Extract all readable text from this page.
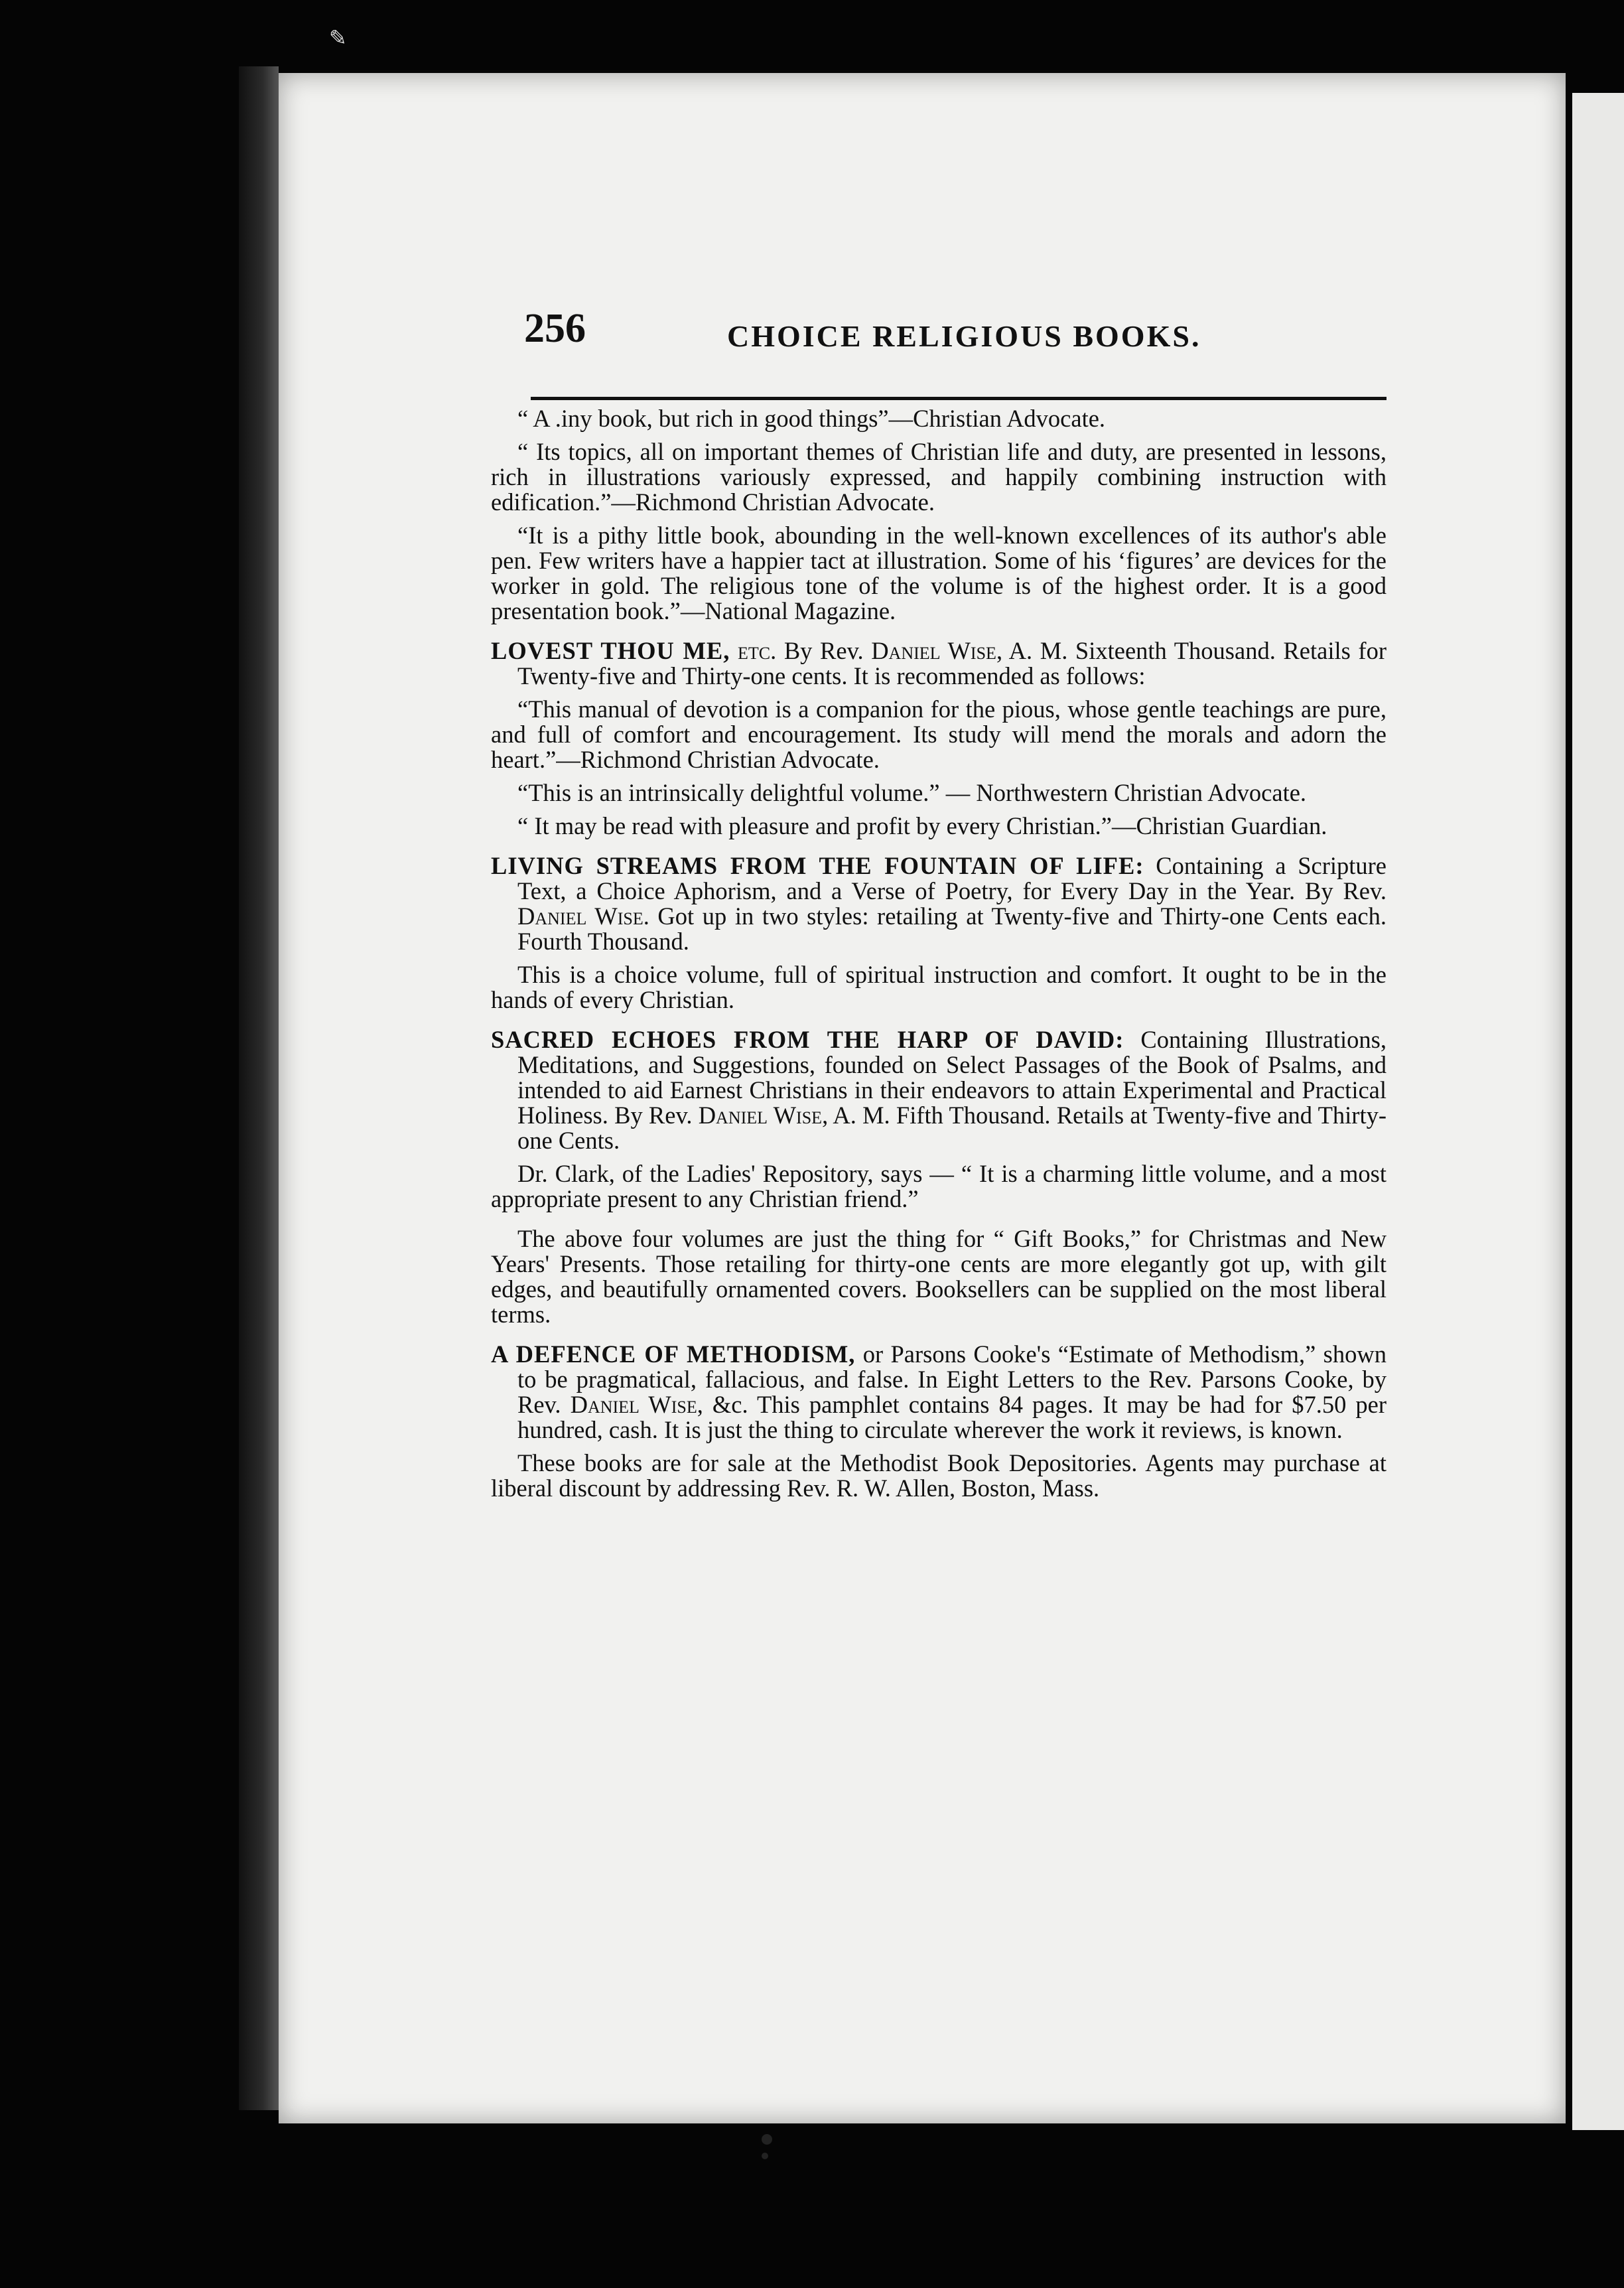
✎
256	CHOICE RELIGIOUS BOOKS.

“ A .iny book, but rich in good things”—Christian Advocate.

“ Its topics, all on important themes of Christian life and duty, are presented in lessons, rich in illustrations variously expressed, and happily combining instruction with edification.”—Richmond Christian Advocate.

“It is a pithy little book, abounding in the well-known excellences of its author's able pen. Few writers have a happier tact at illustration. Some of his ‘figures’ are devices for the worker in gold. The religious tone of the volume is of the highest order. It is a good presentation book.”—National Magazine.

LOVEST THOU ME, etc. By Rev. Daniel Wise, A. M. Sixteenth Thousand. Retails for Twenty-five and Thirty-one cents. It is recommended as follows:

“This manual of devotion is a companion for the pious, whose gentle teachings are pure, and full of comfort and encouragement. Its study will mend the morals and adorn the heart.”—Richmond Christian Advocate.

“This is an intrinsically delightful volume.” — Northwestern Christian Advocate.

“ It may be read with pleasure and profit by every Christian.”—Christian Guardian.

LIVING STREAMS FROM THE FOUNTAIN OF LIFE: Containing a Scripture Text, a Choice Aphorism, and a Verse of Poetry, for Every Day in the Year. By Rev. Daniel Wise. Got up in two styles: retailing at Twenty-five and Thirty-one Cents each. Fourth Thousand.

This is a choice volume, full of spiritual instruction and comfort. It ought to be in the hands of every Christian.

SACRED ECHOES FROM THE HARP OF DAVID: Containing Illustrations, Meditations, and Suggestions, founded on Select Passages of the Book of Psalms, and intended to aid Earnest Christians in their endeavors to attain Experimental and Practical Holiness. By Rev. Daniel Wise, A. M. Fifth Thousand. Retails at Twenty-five and Thirty-one Cents.

Dr. Clark, of the Ladies' Repository, says — “ It is a charming little volume, and a most appropriate present to any Christian friend.”

The above four volumes are just the thing for “ Gift Books,” for Christmas and New Years' Presents. Those retailing for thirty-one cents are more elegantly got up, with gilt edges, and beautifully ornamented covers. Booksellers can be supplied on the most liberal terms.

A DEFENCE OF METHODISM, or Parsons Cooke's “Estimate of Methodism,” shown to be pragmatical, fallacious, and false. In Eight Letters to the Rev. Parsons Cooke, by Rev. Daniel Wise, &c. This pamphlet contains 84 pages. It may be had for $7.50 per hundred, cash. It is just the thing to circulate wherever the work it reviews, is known.

These books are for sale at the Methodist Book Depositories. Agents may purchase at liberal discount by addressing Rev. R. W. Allen, Boston, Mass.
